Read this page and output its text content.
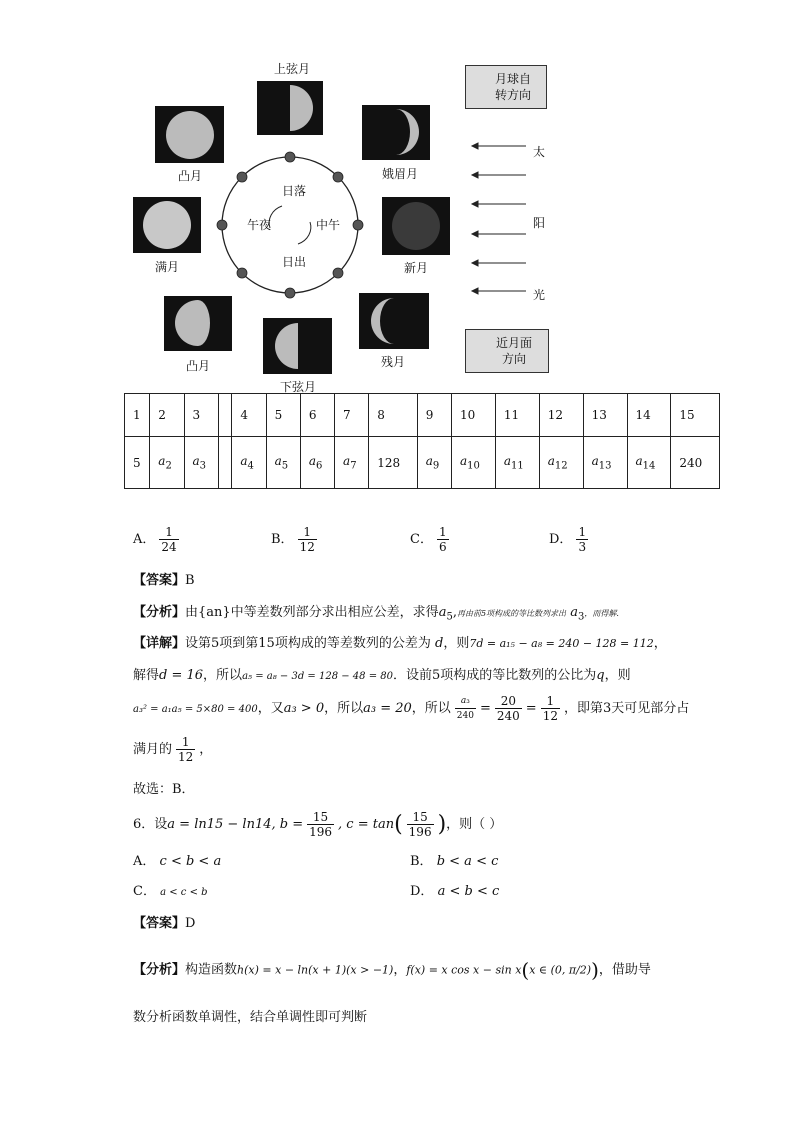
上弦月
娥眉月
新月
残月
下弦月
凸月
满月
凸月
日落
中午
午夜
日出
月球自
转方向
近月面
方向
太
阳
光
1	2	3		4	5	6	7	8	9	10	11	12	13	14	15
5	$a_2$	$a_3$		$a_4$	$a_5$	$a_6$	$a_7$	128	$a_9$	$a_{10}$	$a_{11}$	$a_{12}$	$a_{13}$	$a_{14}$	240
A． $\frac{1}{24}$	B． $\frac{1}{12}$	C． $\frac{1}{6}$	D． $\frac{1}{3}$
【答案】B
【分析】由{an}中等差数列部分求出相应公差，求得$a_5$,再由前5项构成的等比数列求出 $a_3$，而得解.
【详解】设第5项到第15项构成的等差数列的公差为 d，则7d = a₁₅ − a₈ = 240 − 128 = 112，
解得d = 16，所以a₅ = a₈ − 3d = 128 − 48 = 80．设前5项构成的等比数列的公比为q，则
a₃² = a₁a₅ = 5×80 = 400，又a₃ > 0，所以a₃ = 20，所以 $\frac{\text{a₃}}{240} = \frac{20}{240} = \frac{1}{12}$ ，即第3天可见部分占
满月的 $\frac{1}{12}$ ，
故选：B．
6．设a = ln15 − ln14, $b = \frac{15}{196}$ , $c = \tan( \frac{15}{196}$ )，则（ ）
A． c < b < a	B． b < a < c
C． a < c < b	D． a < b < c
【答案】D
【分析】构造函数h(x) = x − ln(x + 1)(x > −1)，f(x) = x cos x − sin x(x ∈ (0, π/2))，借助导
数分析函数单调性，结合单调性即可判断
